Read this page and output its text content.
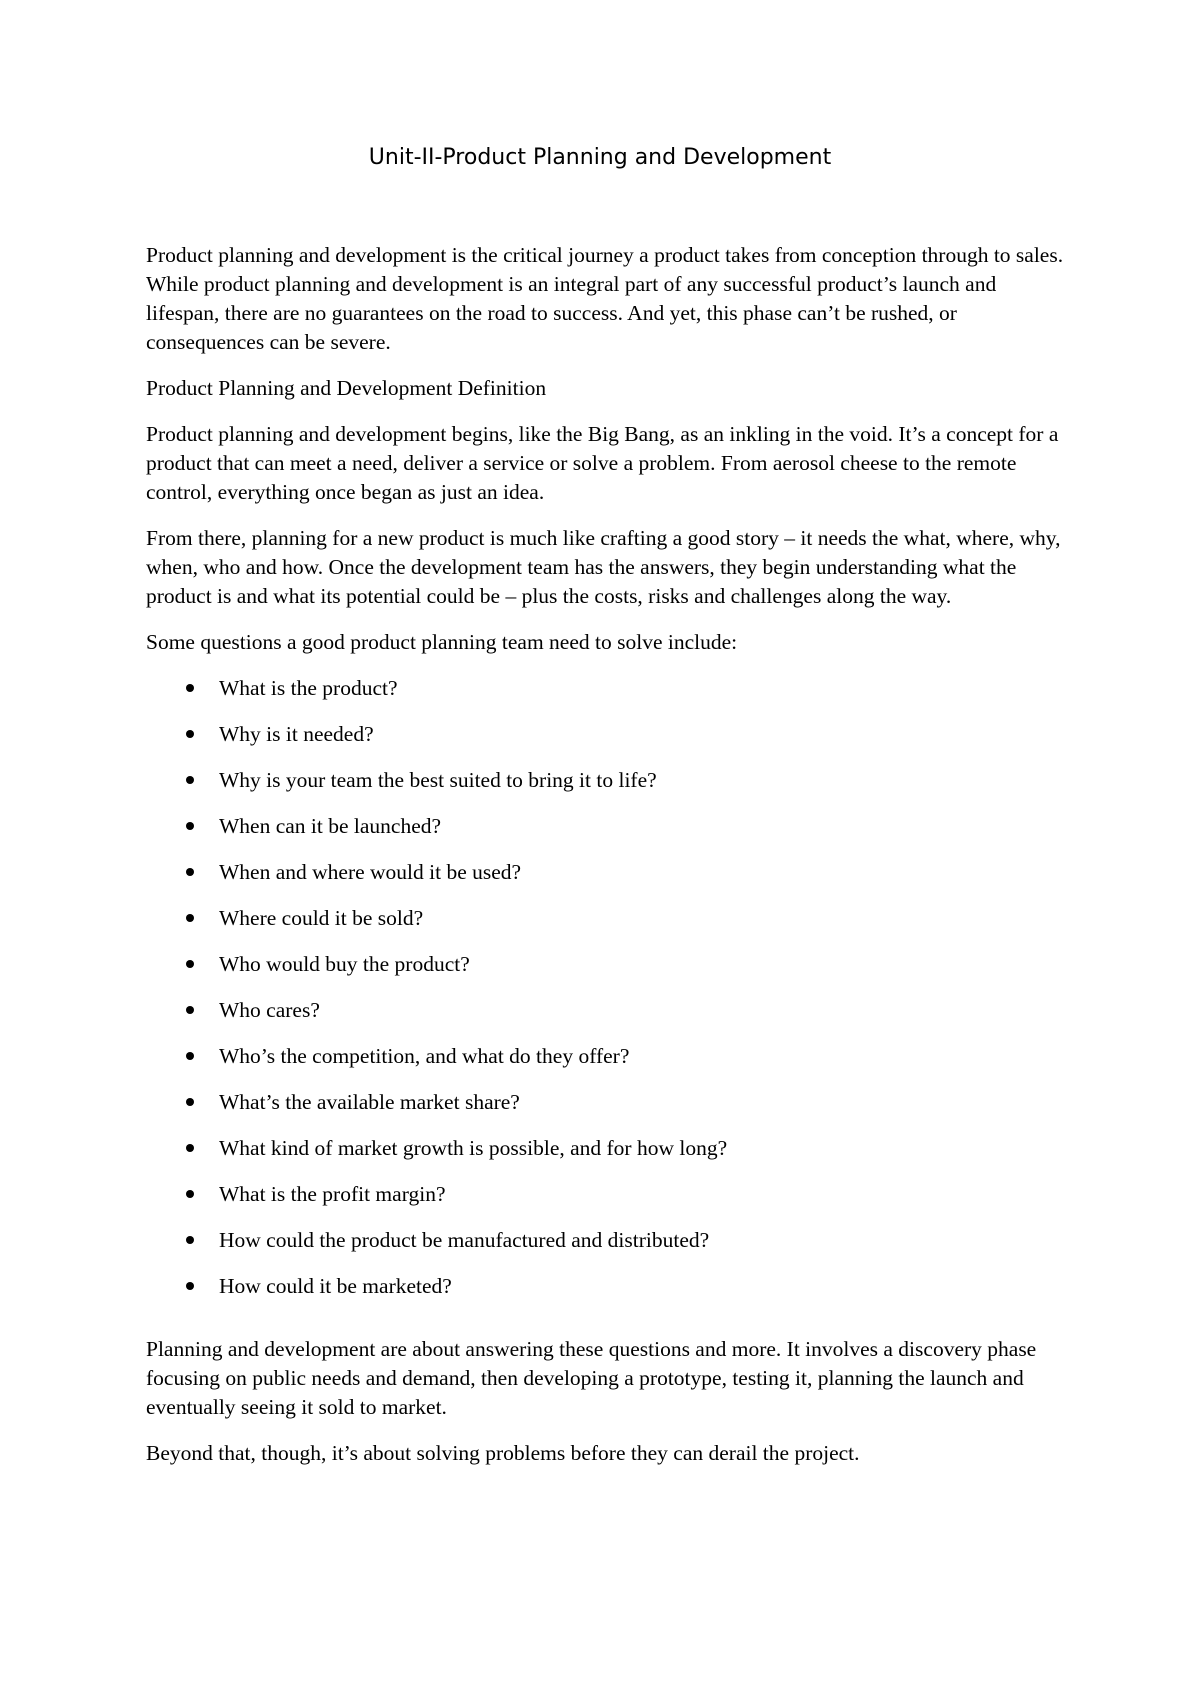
Unit-II-Product Planning and Development

Product planning and development is the critical journey a product takes from conception through to sales. While product planning and development is an integral part of any successful product’s launch and lifespan, there are no guarantees on the road to success. And yet, this phase can’t be rushed, or consequences can be severe.

Product Planning and Development Definition

Product planning and development begins, like the Big Bang, as an inkling in the void. It’s a concept for a product that can meet a need, deliver a service or solve a problem. From aerosol cheese to the remote control, everything once began as just an idea.

From there, planning for a new product is much like crafting a good story – it needs the what, where, why, when, who and how. Once the development team has the answers, they begin understanding what the product is and what its potential could be – plus the costs, risks and challenges along the way.

Some questions a good product planning team need to solve include:

What is the product?
Why is it needed?
Why is your team the best suited to bring it to life?
When can it be launched?
When and where would it be used?
Where could it be sold?
Who would buy the product?
Who cares?
Who’s the competition, and what do they offer?
What’s the available market share?
What kind of market growth is possible, and for how long?
What is the profit margin?
How could the product be manufactured and distributed?
How could it be marketed?

Planning and development are about answering these questions and more. It involves a discovery phase focusing on public needs and demand, then developing a prototype, testing it, planning the launch and eventually seeing it sold to market.

Beyond that, though, it’s about solving problems before they can derail the project.
